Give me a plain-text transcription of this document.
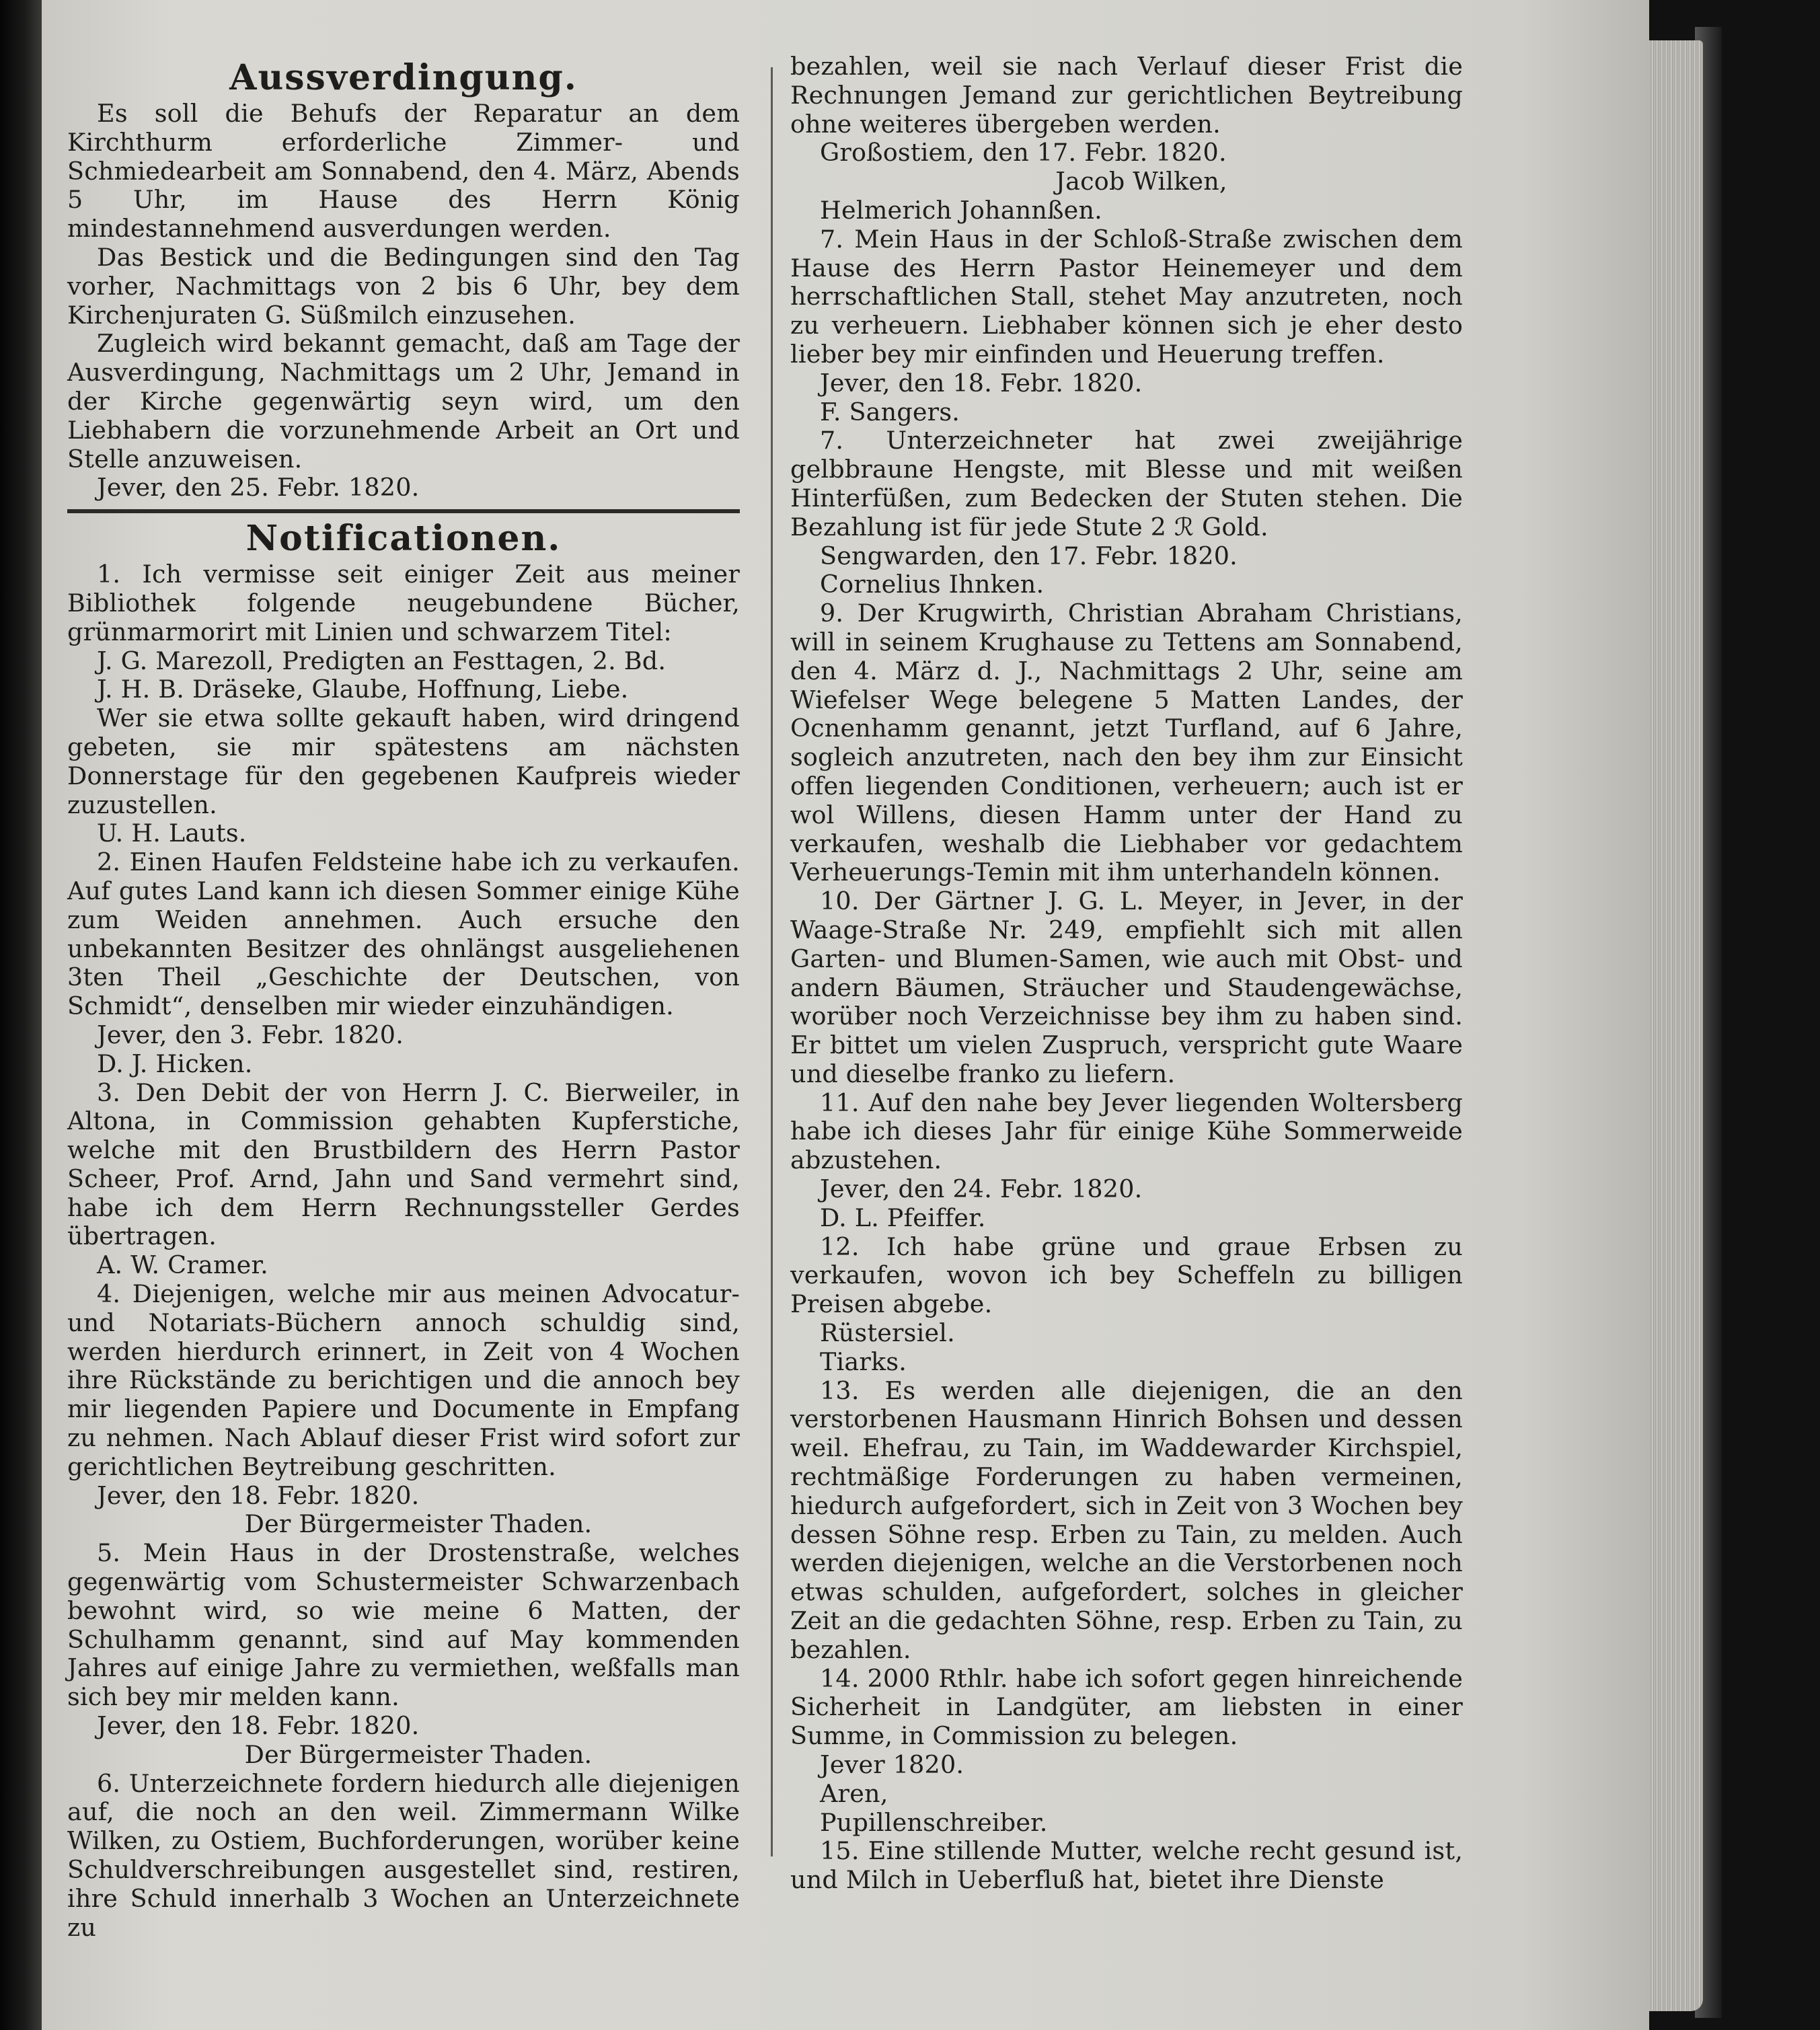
Aussverdingung.

Es soll die Behufs der Reparatur an dem Kirchthurm erforderliche Zimmer- und Schmiedearbeit am Sonnabend, den 4. März, Abends 5 Uhr, im Hause des Herrn König mindestannehmend ausverdungen werden.

Das Bestick und die Bedingungen sind den Tag vorher, Nachmittags von 2 bis 6 Uhr, bey dem Kirchenjuraten G. Süßmilch einzusehen.

Zugleich wird bekannt gemacht, daß am Tage der Ausverdingung, Nachmittags um 2 Uhr, Jemand in der Kirche gegenwärtig seyn wird, um den Liebhabern die vorzunehmende Arbeit an Ort und Stelle anzuweisen.

Jever, den 25. Febr. 1820.

Notificationen.

1. Ich vermisse seit einiger Zeit aus meiner Bibliothek folgende neugebundene Bücher, grünmarmorirt mit Linien und schwarzem Titel:

J. G. Marezoll, Predigten an Festtagen, 2. Bd.

J. H. B. Dräseke, Glaube, Hoffnung, Liebe.

Wer sie etwa sollte gekauft haben, wird dringend gebeten, sie mir spätestens am nächsten Donnerstage für den gegebenen Kaufpreis wieder zuzustellen.

U. H. Lauts.

2. Einen Haufen Feldsteine habe ich zu verkaufen. Auf gutes Land kann ich diesen Sommer einige Kühe zum Weiden annehmen. Auch ersuche den unbekannten Besitzer des ohnlängst ausgeliehenen 3ten Theil „Geschichte der Deutschen, von Schmidt“, denselben mir wieder einzuhändigen.

Jever, den 3. Febr. 1820.

D. J. Hicken.

3. Den Debit der von Herrn J. C. Bierweiler, in Altona, in Commission gehabten Kupferstiche, welche mit den Brustbildern des Herrn Pastor Scheer, Prof. Arnd, Jahn und Sand vermehrt sind, habe ich dem Herrn Rechnungssteller Gerdes übertragen.

A. W. Cramer.

4. Diejenigen, welche mir aus meinen Advocatur- und Notariats-Büchern annoch schuldig sind, werden hierdurch erinnert, in Zeit von 4 Wochen ihre Rückstände zu berichtigen und die annoch bey mir liegenden Papiere und Documente in Empfang zu nehmen. Nach Ablauf dieser Frist wird sofort zur gerichtlichen Beytreibung geschritten.

Jever, den 18. Febr. 1820.

Der Bürgermeister Thaden.

5. Mein Haus in der Drostenstraße, welches gegenwärtig vom Schustermeister Schwarzenbach bewohnt wird, so wie meine 6 Matten, der Schulhamm genannt, sind auf May kommenden Jahres auf einige Jahre zu vermiethen, weßfalls man sich bey mir melden kann.

Jever, den 18. Febr. 1820.

Der Bürgermeister Thaden.

6. Unterzeichnete fordern hiedurch alle diejenigen auf, die noch an den weil. Zimmermann Wilke Wilken, zu Ostiem, Buchforderungen, worüber keine Schuldverschreibungen ausgestellet sind, restiren, ihre Schuld innerhalb 3 Wochen an Unterzeichnete zu

bezahlen, weil sie nach Verlauf dieser Frist die Rechnungen Jemand zur gerichtlichen Beytreibung ohne weiteres übergeben werden.

Großostiem, den 17. Febr. 1820.

Jacob Wilken,

Helmerich Johannßen.

7. Mein Haus in der Schloß-Straße zwischen dem Hause des Herrn Pastor Heinemeyer und dem herrschaftlichen Stall, stehet May anzutreten, noch zu verheuern. Liebhaber können sich je eher desto lieber bey mir einfinden und Heuerung treffen.

Jever, den 18. Febr. 1820.

F. Sangers.

7. Unterzeichneter hat zwei zweijährige gelbbraune Hengste, mit Blesse und mit weißen Hinterfüßen, zum Bedecken der Stuten stehen. Die Bezahlung ist für jede Stute 2 ℛ Gold.

Sengwarden, den 17. Febr. 1820.

Cornelius Ihnken.

9. Der Krugwirth, Christian Abraham Christians, will in seinem Krughause zu Tettens am Sonnabend, den 4. März d. J., Nachmittags 2 Uhr, seine am Wiefelser Wege belegene 5 Matten Landes, der Ocnenhamm genannt, jetzt Turfland, auf 6 Jahre, sogleich anzutreten, nach den bey ihm zur Einsicht offen liegenden Conditionen, verheuern; auch ist er wol Willens, diesen Hamm unter der Hand zu verkaufen, weshalb die Liebhaber vor gedachtem Verheuerungs-Temin mit ihm unterhandeln können.

10. Der Gärtner J. G. L. Meyer, in Jever, in der Waage-Straße Nr. 249, empfiehlt sich mit allen Garten- und Blumen-Samen, wie auch mit Obst- und andern Bäumen, Sträucher und Staudengewächse, worüber noch Verzeichnisse bey ihm zu haben sind. Er bittet um vielen Zuspruch, verspricht gute Waare und dieselbe franko zu liefern.

11. Auf den nahe bey Jever liegenden Woltersberg habe ich dieses Jahr für einige Kühe Sommerweide abzustehen.

Jever, den 24. Febr. 1820.

D. L. Pfeiffer.

12. Ich habe grüne und graue Erbsen zu verkaufen, wovon ich bey Scheffeln zu billigen Preisen abgebe.

Rüstersiel.

Tiarks.

13. Es werden alle diejenigen, die an den verstorbenen Hausmann Hinrich Bohsen und dessen weil. Ehefrau, zu Tain, im Waddewarder Kirchspiel, rechtmäßige Forderungen zu haben vermeinen, hiedurch aufgefordert, sich in Zeit von 3 Wochen bey dessen Söhne resp. Erben zu Tain, zu melden. Auch werden diejenigen, welche an die Verstorbenen noch etwas schulden, aufgefordert, solches in gleicher Zeit an die gedachten Söhne, resp. Erben zu Tain, zu bezahlen.

14. 2000 Rthlr. habe ich sofort gegen hinreichende Sicherheit in Landgüter, am liebsten in einer Summe, in Commission zu belegen.

Jever 1820.

Aren,

Pupillenschreiber.

15. Eine stillende Mutter, welche recht gesund ist, und Milch in Ueberfluß hat, bietet ihre Dienste
